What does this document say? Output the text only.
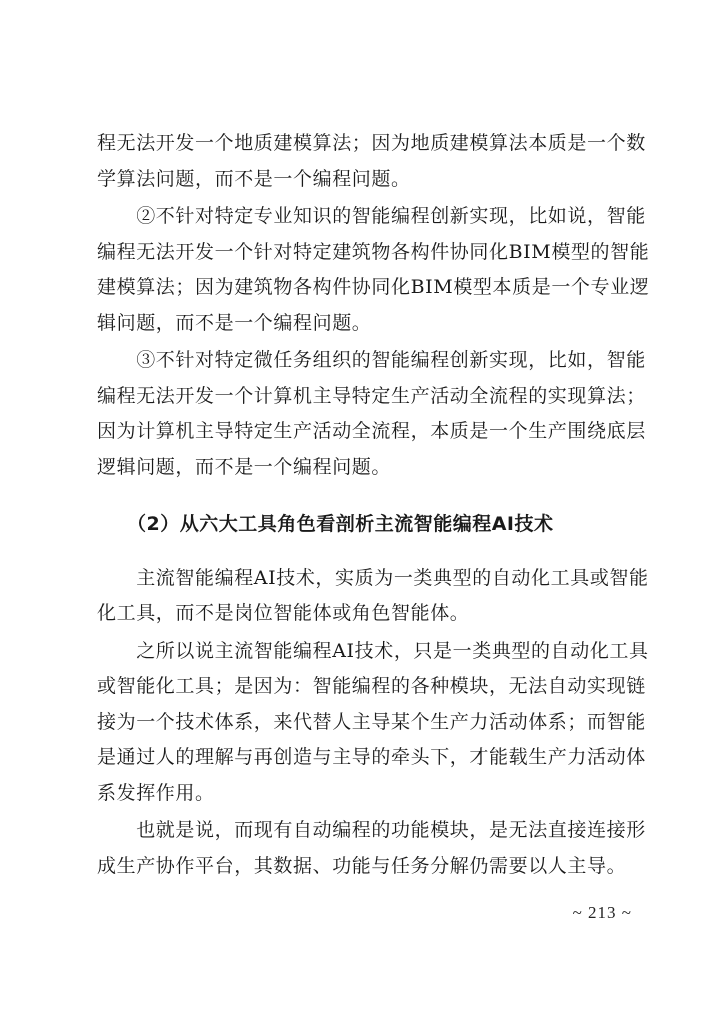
程无法开发一个地质建模算法；因为地质建模算法本质是一个数
学算法问题，而不是一个编程问题。

　　②不针对特定专业知识的智能编程创新实现，比如说，智能
编程无法开发一个针对特定建筑物各构件协同化BIM模型的智能
建模算法；因为建筑物各构件协同化BIM模型本质是一个专业逻
辑问题，而不是一个编程问题。

　　③不针对特定微任务组织的智能编程创新实现，比如，智能
编程无法开发一个计算机主导特定生产活动全流程的实现算法；
因为计算机主导特定生产活动全流程，本质是一个生产围绕底层
逻辑问题，而不是一个编程问题。

（2）从六大工具角色看剖析主流智能编程AI技术

　　主流智能编程AI技术，实质为一类典型的自动化工具或智能
化工具，而不是岗位智能体或角色智能体。

　　之所以说主流智能编程AI技术，只是一类典型的自动化工具
或智能化工具；是因为：智能编程的各种模块，无法自动实现链
接为一个技术体系，来代替人主导某个生产力活动体系；而智能
是通过人的理解与再创造与主导的牵头下，才能载生产力活动体
系发挥作用。

　　也就是说，而现有自动编程的功能模块，是无法直接连接形
成生产协作平台，其数据、功能与任务分解仍需要以人主导。

~ 213 ~
